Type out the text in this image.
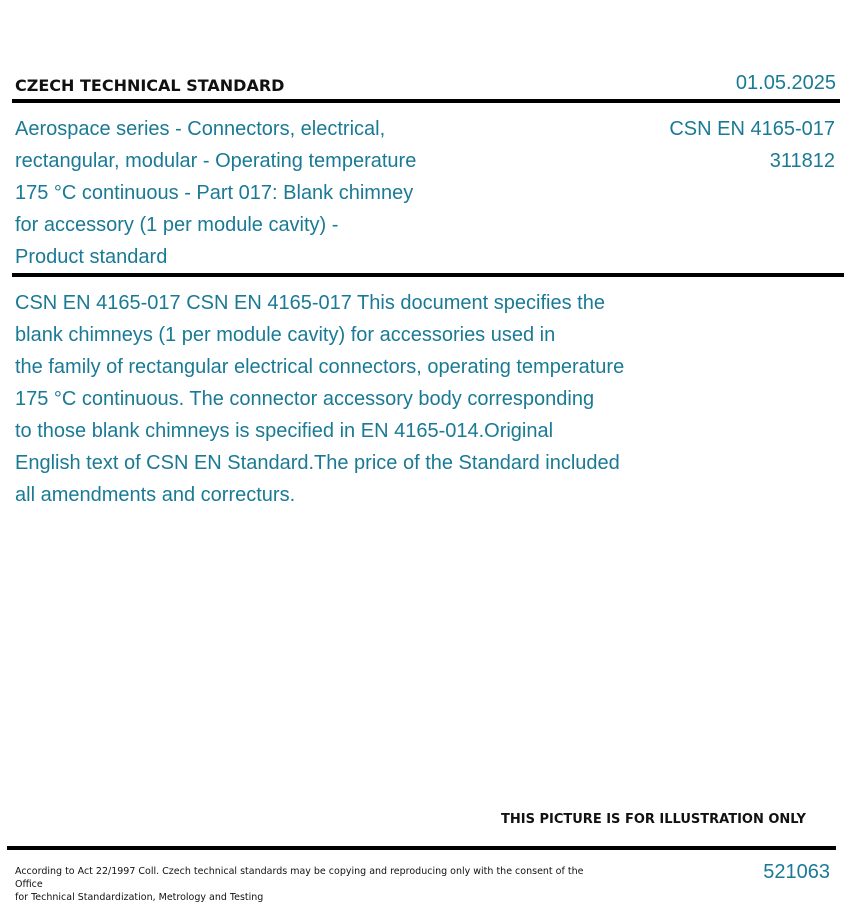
CZECH TECHNICAL STANDARD	01.05.2025
Aerospace series - Connectors, electrical,
rectangular, modular - Operating temperature
175 °C continuous - Part 017: Blank chimney
for accessory (1 per module cavity) -
Product standard
CSN EN 4165-017
311812
CSN EN 4165-017 CSN EN 4165-017 This document specifies the
blank chimneys (1 per module cavity) for accessories used in
the family of rectangular electrical connectors, operating temperature
175 °C continuous. The connector accessory body corresponding
to those blank chimneys is specified in EN 4165-014.Original
English text of CSN EN Standard.The price of the Standard included
all amendments and correcturs.
THIS PICTURE IS FOR ILLUSTRATION ONLY
According to Act 22/1997 Coll. Czech technical standards may be copying and reproducing only with the consent of the Office
for Technical Standardization, Metrology and Testing
521063
